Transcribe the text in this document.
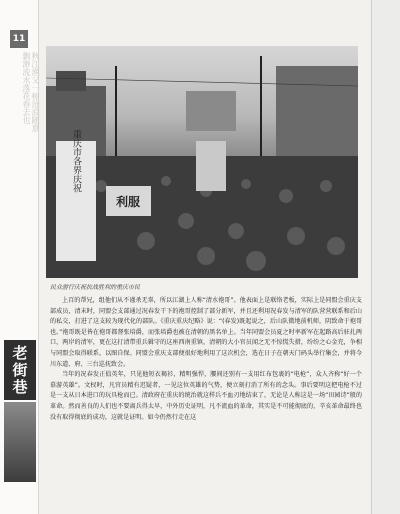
11
秋江渔父一棹沧浪随意飘渺流水落花春去也
老街巷
重庆市各界庆祝
利服
民众游行庆祝抗战胜利的重庆市民

上百的帮兄，组他们从不谨杀无辜，所以江湖上人称“清水袍哥”。他表面上是联络老板，实际上是同盟会重庆支部成员，清末时，同盟会支部通过况春发干下的袍哥控制了部分新军，并且还利用况春发与清军的队营营联系和后山的私交，打进了这支较为现代化的部队。《重庆重庆纪略》说：“(春发)既起说之，后山队微地前机师，阴致命于袍哥也。”袍哥既是皆在袍哥都督张培爵，而张培爵也被在清朝的黑名单上。当年同盟会员夏之时率新军在起路高后驻扎两口，两岸的清军，更在这打清带重兵辑守的这座西南重镇，清朝的大小官员闻之无不惊慌失措，纷纷之心金充，争相与同盟会取得联系，以图自保。同盟会重庆支部便很好地利用了这次机会，选在日子在朝天门码头举行集会，并将今川东道、府、三台巡抚致会。

当年的况春发正值英年，只见他短衣褐衫，精明强悍，腰间还别有一支用红布包裹的“电枪”，众人齐称“好一个慕游英雄”。文杈时，凡官员精有迟疑者，一见这位英雄的气势，便立刻打消了所有的念头。事后要明这把电枪不过是一支从日本进口的玩具枪而已。清政府在重庆的统治就这样兵不血刃地结束了，无论是人称这是一场“田园诗”般的革命。然而善良的人们也不要离兵得太早，中外历史证明，凡不流血的革命，其实是不可能彻底的，辛亥革命最终也没有取得彻底的成功，这就是证明。如今仍然行走在这
